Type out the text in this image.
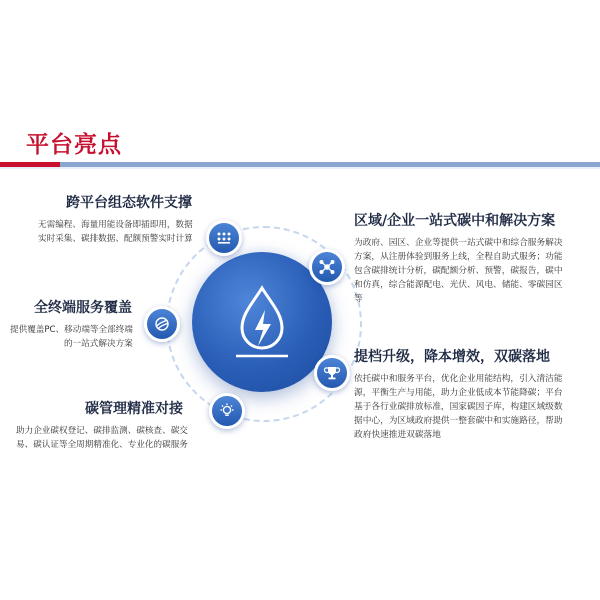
平台亮点
跨平台组态软件支撑
无需编程、海量用能设备即插即用，数据
实时采集、碳排数据、配额预警实时计算
全终端服务覆盖
提供覆盖PC、移动端等全部终端
的一站式解决方案
碳管理精准对接
助力企业碳权登记、碳排监测、碳核查、碳交
易、碳认证等全周期精准化、专业化的碳服务
区域/企业一站式碳中和解决方案
为政府、园区、企业等提供一站式碳中和综合服务解决
方案，从注册体验到服务上线，全程自助式服务；功能
包含碳排统计分析，碳配额分析、预警，碳报告，碳中
和仿真，综合能源配电、光伏、风电、储能、零碳园区
等
提档升级，降本增效，双碳落地
依托碳中和服务平台，优化企业用能结构，引入清洁能
源，平衡生产与用能，助力企业低成本节能降碳；平台
基于各行业碳排放标准，国家碳因子库，构建区域级数
据中心，为区域政府提供一整套碳中和实施路径，帮助
政府快速推进双碳落地
